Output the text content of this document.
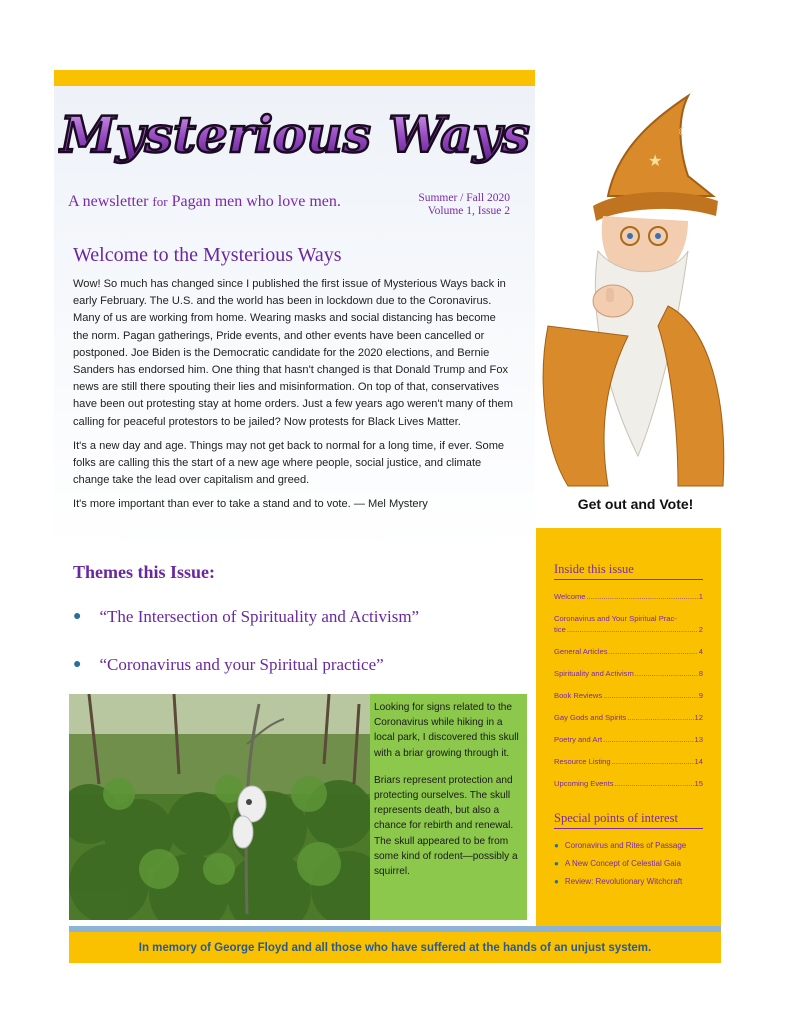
Mysterious Ways
A newsletter for Pagan men who love men.	Summer / Fall 2020
Volume 1, Issue 2
Welcome to the Mysterious Ways

Wow! So much has changed since I published the first issue of Mysterious Ways back in early February. The U.S. and the world has been in lockdown due to the Coronavirus. Many of us are working from home. Wearing masks and social distancing has become the norm. Pagan gatherings, Pride events, and other events have been cancelled or postponed. Joe Biden is the Democratic candidate for the 2020 elections, and Bernie Sanders has endorsed him. One thing that hasn't changed is that Donald Trump and Fox news are still there spouting their lies and misinformation. On top of that, conservatives have been out protesting stay at home orders. Just a few years ago weren't many of them calling for peaceful protestors to be jailed? Now protests for Black Lives Matter.

It's a new day and age. Things may not get back to normal for a long time, if ever. Some folks are calling this the start of a new age where people, social justice, and climate change take the lead over capitalism and greed.

It's more important than ever to take a stand and to vote. — Mel Mystery

Themes this Issue:
● “The Intersection of Spirituality and Activism”
● “Coronavirus and your Spiritual practice”

Looking for signs related to the Coronavirus while hiking in a local park, I discovered this skull with a briar growing through it.

Briars represent protection and protecting ourselves. The skull represents death, but also a chance for rebirth and renewal. The skull appeared to be from some kind of rodent—possibly a squirrel.

★
☾
Get out and Vote!
Inside this issue
Welcome .....	1
Coronavirus and Your Spiritual Prac-
tice .....	2
General Articles .....	4
Spirituality and Activism .....	8
Book Reviews .....	9
Gay Gods and Spirits .....	12
Poetry and Art .....	13
Resource Listing .....	14
Upcoming Events .....	15
Special points of interest
● Coronavirus and Rites of Passage
● A New Concept of Celestial Gaia
● Review: Revolutionary Witchcraft
In memory of George Floyd and all those who have suffered at the hands of an unjust system.
